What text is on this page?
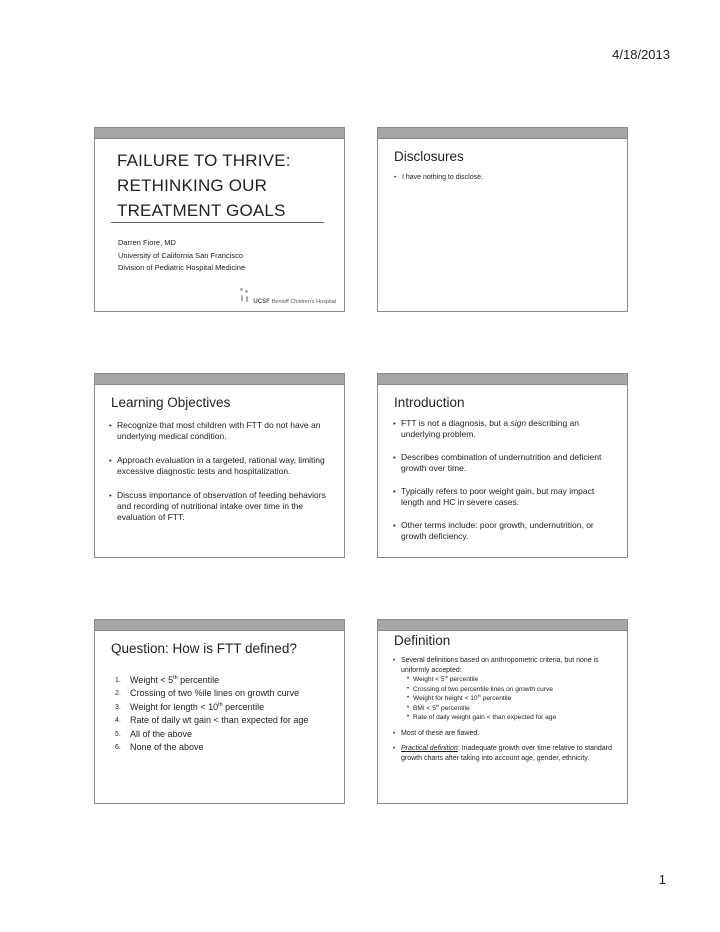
4/18/2013
FAILURE TO THRIVE:
RETHINKING OUR
TREATMENT GOALS
Darren Fiore, MD
University of California San Francisco
Division of Pediatric Hospital Medicine
UCSF Benioff Children's Hospital
Disclosures
• I have nothing to disclose.
Learning Objectives
• Recognize that most children with FTT do not have an underlying medical condition.
• Approach evaluation in a targeted, rational way, limiting excessive diagnostic tests and hospitalization.
• Discuss importance of observation of feeding behaviors and recording of nutritional intake over time in the evaluation of FTT.
Introduction
• FTT is not a diagnosis, but a sign describing an underlying problem.
• Describes combination of undernutrition and deficient growth over time.
• Typically refers to poor weight gain, but may impact length and HC in severe cases.
• Other terms include: poor growth, undernutrition, or growth deficiency.
Question: How is FTT defined?
1.	Weight < 5th percentile
2.	Crossing of two %ile lines on growth curve
3.	Weight for length < 10th percentile
4.	Rate of daily wt gain < than expected for age
5.	All of the above
6.	None of the above
Definition
• Several definitions based on anthropometric criteria, but none is uniformly accepted:
• Weight < 5th percentile
• Crossing of two percentile lines on growth curve
• Weight for height < 10th percentile
• BMI < 5th percentile
• Rate of daily weight gain < than expected for age
• Most of these are flawed.
• Practical definition: Inadequate growth over time relative to standard growth charts after taking into account age, gender, ethnicity.
1
